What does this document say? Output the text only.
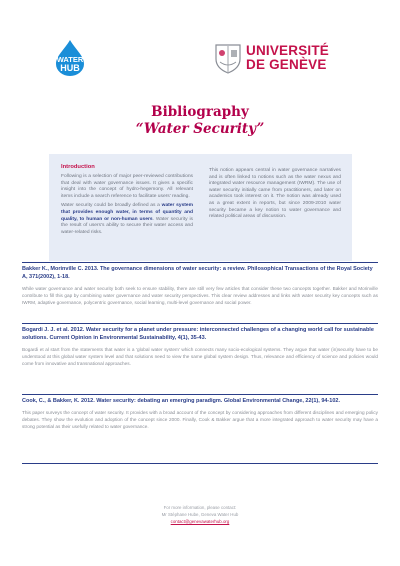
WATER
HUB
UNIVERSITÉ
DE GENÈVE

Bibliography

“Water Security”

Introduction

Following is a selection of major peer-reviewed contributions that deal with water governance issues. It gives a specific insight into the concept of hydro-hegemony. All relevant items include a search reference to facilitate users' reading.

Water security could be broadly defined as a water system that provides enough water, in terms of quantity and quality, to human or non-human users. Water security is the result of users's ability to secure their water access and water-related risks.

This notion appears central in water governance narratives and is often linked to notions such as the water nexus and integrated water resource management (IWRM). The use of water security initially came from practitioners, and later on academics took interest on it. The notion was already used as a great extent in reports, but since 2009-2010 water security became a key notion to water governance and related political areas of discussion.

Bakker K., Morinville C. 2013. The governance dimensions of water security: a review. Philosophical Transactions of the Royal Society A, 371(2002), 1-18.

While water governance and water security both seek to ensure stability, there are still very few articles that consider these two concepts together. Bakker and Morinville contribute to fill this gap by combining water governance and water security perspectives. This clear review addresses and links with water security key concepts such as IWRM, adaptive governance, polycentric governance, social learning, multi-level governance and social power.

Bogardi J. J. et al. 2012. Water security for a planet under pressure: interconnected challenges of a changing world call for sustainable solutions. Current Opinion in Environmental Sustainability, 4(1), 35-43.

Bogardi et al start from the statements that water is a 'global water system' which connects many socio-ecological systems. They argue that water (in)security have to be understood at this global water system level and that solutions need to view the same global system design. Thus, relevance and efficiency of science and policies would come from innovative and transnational approaches.

Cook, C., & Bakker, K. 2012. Water security: debating an emerging paradigm. Global Environmental Change, 22(1), 94-102.

This paper surveys the concept of water security. It provides with a broad account of the concept by considering approaches from different disciplines and emerging policy debates. They show the evolution and adoption of the concept since 2000. Finally, Cook & Bakker argue that a more integrated approach to water security may have a strong potential as their usefully related to water governance.

For more information, please contact:
Mr Stéphane Hube, Geneva Water Hub
contact@genevawaterhub.org
